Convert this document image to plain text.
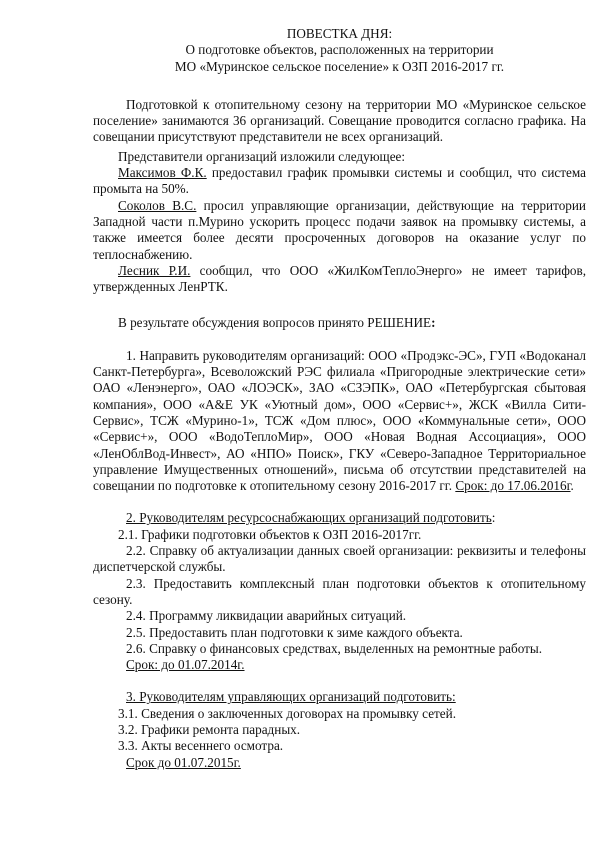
ПОВЕСТКА ДНЯ:

О подготовке объектов, расположенных на территории

МО «Муринское сельское поселение» к ОЗП 2016-2017 гг.

Подготовкой к отопительному сезону на территории МО «Муринское сельское поселение» занимаются 36 организаций. Совещание проводится согласно графика. На совещании присутствуют представители не всех организаций.

Представители организаций изложили следующее:

Максимов Ф.К. предоставил график промывки системы и сообщил, что система промыта на 50%.

Соколов В.С. просил управляющие организации, действующие на территории Западной части п.Мурино ускорить процесс подачи заявок на промывку системы, а также имеется более десяти просроченных договоров на оказание услуг по теплоснабжению.

Лесник Р.И. сообщил, что ООО «ЖилКомТеплоЭнерго» не имеет тарифов, утвержденных ЛенРТК.

В результате обсуждения вопросов принято РЕШЕНИЕ:

1. Направить руководителям организаций: ООО «Продэкс-ЭС», ГУП «Водоканал Санкт-Петербурга», Всеволожский РЭС филиала «Пригородные электрические сети» ОАО «Ленэнерго», ОАО «ЛОЭСК», ЗАО «СЗЭПК», ОАО «Петербургская сбытовая компания», ООО «А&Е УК «Уютный дом», ООО «Сервис+», ЖСК «Вилла Сити-Сервис», ТСЖ «Мурино-1», ТСЖ «Дом плюс», ООО «Коммунальные сети», ООО «Сервис+», ООО «ВодоТеплоМир», ООО «Новая Водная Ассоциация», ООО «ЛенОблВод-Инвест», АО «НПО» Поиск», ГКУ «Северо-Западное Территориальное управление Имущественных отношений», письма об отсутствии представителей на совещании по подготовке к отопительному сезону 2016-2017 гг. Срок: до 17.06.2016г.

2. Руководителям ресурсоснабжающих организаций подготовить:

2.1. Графики подготовки объектов к ОЗП 2016-2017гг.

2.2. Справку об актуализации данных своей организации: реквизиты и телефоны диспетчерской службы.

2.3. Предоставить комплексный план подготовки объектов к отопительному сезону.

2.4. Программу ликвидации аварийных ситуаций.

2.5. Предоставить план подготовки к зиме каждого объекта.

2.6. Справку о финансовых средствах, выделенных на ремонтные работы.

Срок: до 01.07.2014г.

3. Руководителям управляющих организаций подготовить:

3.1. Сведения о заключенных договорах на промывку сетей.

3.2. Графики ремонта парадных.

3.3. Акты весеннего осмотра.

Срок до 01.07.2015г.
